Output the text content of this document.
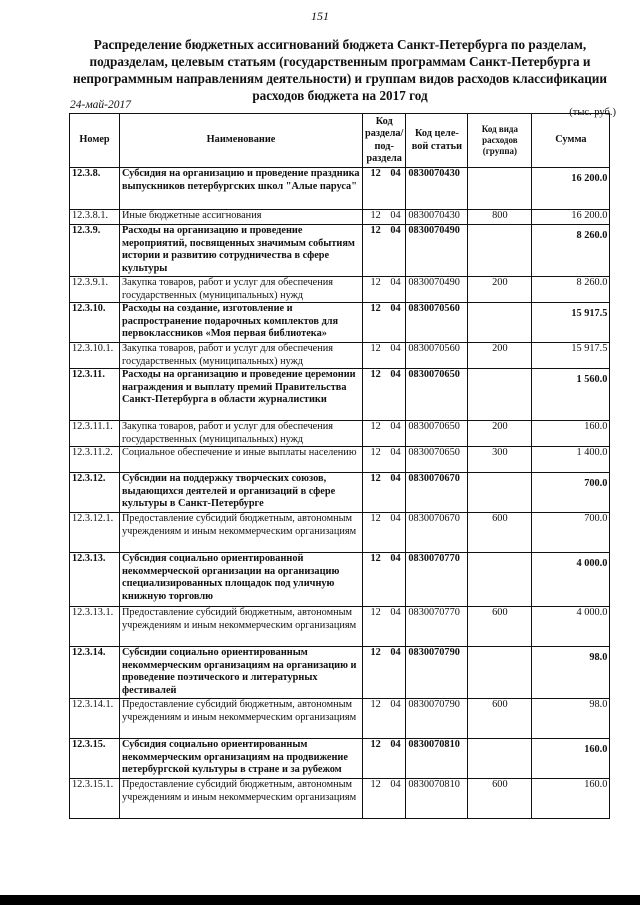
151
Распределение бюджетных ассигнований бюджета Санкт-Петербурга по разделам, подразделам, целевым статьям (государственным программам Санкт-Петербурга и непрограммным направлениям деятельности) и группам видов расходов классификации расходов бюджета на 2017 год
24-май-2017
(тыс. руб.)
Номер	Наименование	Код раздела/ под- раздела		Код целе- вой статьи	Код вида расходов (группа)	Сумма
12.3.8.	Субсидия на организацию и проведение праздника выпускников петербургских школ "Алые паруса"	12	04	0830070430		16 200.0
12.3.8.1.	Иные бюджетные ассигнования	12	04	0830070430	800	16 200.0
12.3.9.	Расходы на организацию и проведение мероприятий, посвященных значимым событиям истории и развитию сотрудничества в сфере культуры	12	04	0830070490		8 260.0
12.3.9.1.	Закупка товаров, работ и услуг для обеспечения государственных (муниципальных) нужд	12	04	0830070490	200	8 260.0
12.3.10.	Расходы на создание, изготовление и распространение подарочных комплектов для первоклассников «Моя первая библиотека»	12	04	0830070560		15 917.5
12.3.10.1.	Закупка товаров, работ и услуг для обеспечения государственных (муниципальных) нужд	12	04	0830070560	200	15 917.5
12.3.11.	Расходы на организацию и проведение церемонии награждения и выплату премий Правительства Санкт-Петербурга в области журналистики	12	04	0830070650		1 560.0
12.3.11.1.	Закупка товаров, работ и услуг для обеспечения государственных (муниципальных) нужд	12	04	0830070650	200	160.0
12.3.11.2.	Социальное обеспечение и иные выплаты населению	12	04	0830070650	300	1 400.0
12.3.12.	Субсидии на поддержку творческих союзов, выдающихся деятелей и организаций в сфере культуры в Санкт-Петербурге	12	04	0830070670		700.0
12.3.12.1.	Предоставление субсидий бюджетным, автономным учреждениям и иным некоммерческим организациям	12	04	0830070670	600	700.0
12.3.13.	Субсидия социально ориентированной некоммерческой организации на организацию специализированных площадок под уличную книжную торговлю	12	04	0830070770		4 000.0
12.3.13.1.	Предоставление субсидий бюджетным, автономным учреждениям и иным некоммерческим организациям	12	04	0830070770	600	4 000.0
12.3.14.	Субсидии социально ориентированным некоммерческим организациям на организацию и проведение поэтического и литературных фестивалей	12	04	0830070790		98.0
12.3.14.1.	Предоставление субсидий бюджетным, автономным учреждениям и иным некоммерческим организациям	12	04	0830070790	600	98.0
12.3.15.	Субсидия социально ориентированным некоммерческим организациям на продвижение петербургской культуры в стране и за рубежом	12	04	0830070810		160.0
12.3.15.1.	Предоставление субсидий бюджетным, автономным учреждениям и иным некоммерческим организациям	12	04	0830070810	600	160.0
